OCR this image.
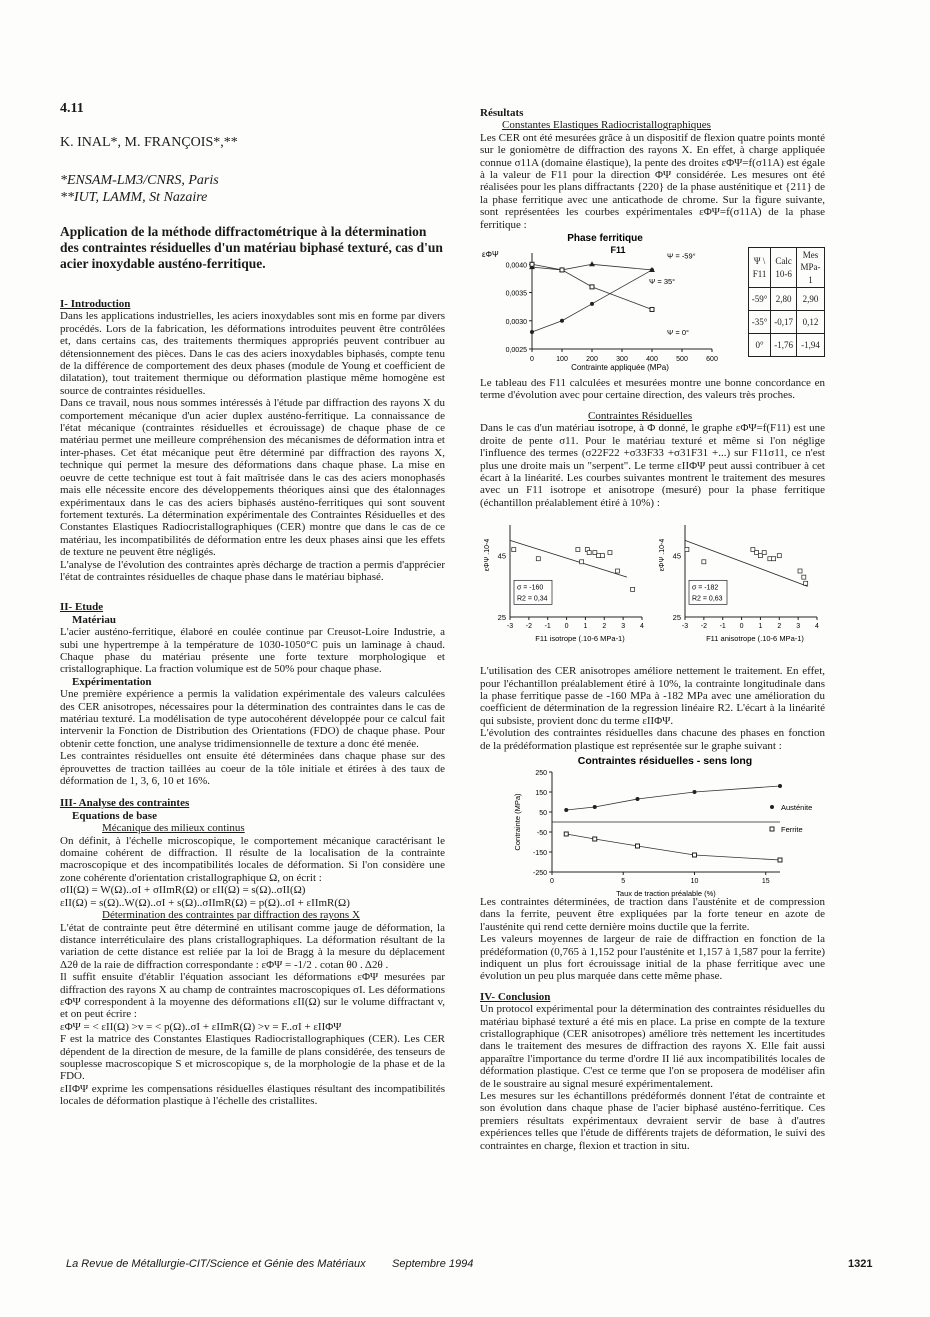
4.11
K. INAL*, M. FRANÇOIS*,**
*ENSAM-LM3/CNRS, Paris
**IUT, LAMM, St Nazaire
Application de la méthode diffractométrique à la détermination des contraintes résiduelles d'un matériau biphasé texturé, cas d'un acier inoxydable austéno-ferritique.
I- Introduction

Dans les applications industrielles, les aciers inoxydables sont mis en forme par divers procédés. Lors de la fabrication, les déformations introduites peuvent être contrôlées et, dans certains cas, des traitements thermiques appropriés peuvent contribuer au détensionnement des pièces. Dans le cas des aciers inoxydables biphasés, compte tenu de la différence de comportement des deux phases (module de Young et coefficient de dilatation), tout traitement thermique ou déformation plastique même homogène est source de contraintes résiduelles.

Dans ce travail, nous nous sommes intéressés à l'étude par diffraction des rayons X du comportement mécanique d'un acier duplex austéno-ferritique. La connaissance de l'état mécanique (contraintes résiduelles et écrouissage) de chaque phase de ce matériau permet une meilleure compréhension des mécanismes de déformation intra et inter-phases. Cet état mécanique peut être déterminé par diffraction des rayons X, technique qui permet la mesure des déformations dans chaque phase. La mise en oeuvre de cette technique est tout à fait maîtrisée dans le cas des aciers monophasés mais elle nécessite encore des développements théoriques ainsi que des étalonnages expérimentaux dans le cas des aciers biphasés austéno-ferritiques qui sont souvent fortement texturés. La détermination expérimentale des Contraintes Résiduelles et des Constantes Elastiques Radiocristallographiques (CER) montre que dans le cas de ce matériau, les incompatibilités de déformation entre les deux phases ainsi que les effets de texture ne peuvent être négligés.

L'analyse de l'évolution des contraintes après décharge de traction a permis d'apprécier l'état de contraintes résiduelles de chaque phase dans le matériau biphasé.

II- Etude
Matériau

L'acier austéno-ferritique, élaboré en coulée continue par Creusot-Loire Industrie, a subi une hypertrempe à la température de 1030-1050°C puis un laminage à chaud. Chaque phase du matériau présente une forte texture morphologique et cristallographique. La fraction volumique est de 50% pour chaque phase.

Expérimentation

Une première expérience a permis la validation expérimentale des valeurs calculées des CER anisotropes, nécessaires pour la détermination des contraintes dans le cas de matériau texturé. La modélisation de type autocohérent développée pour ce calcul fait intervenir la Fonction de Distribution des Orientations (FDO) de chaque phase. Pour obtenir cette fonction, une analyse tridimensionnelle de texture a donc été menée.

Les contraintes résiduelles ont ensuite été déterminées dans chaque phase sur des éprouvettes de traction taillées au coeur de la tôle initiale et étirées à des taux de déformation de 1, 3, 6, 10 et 16%.

III- Analyse des contraintes
Equations de base
Mécanique des milieux continus

On définit, à l'échelle microscopique, le comportement mécanique caractérisant le domaine cohérent de diffraction. Il résulte de la localisation de la contrainte macroscopique et des incompatibilités locales de déformation. Si l'on considère une zone cohérente d'orientation cristallographique Ω, on écrit :

σII(Ω) = W(Ω)..σI + σIImR(Ω) or εII(Ω) = s(Ω)..σII(Ω)

εII(Ω) = s(Ω)..W(Ω)..σI + s(Ω)..σIImR(Ω) = p(Ω)..σI + εIImR(Ω)

Détermination des contraintes par diffraction des rayons X

L'état de contrainte peut être déterminé en utilisant comme jauge de déformation, la distance interréticulaire des plans cristallographiques. La déformation résultant de la variation de cette distance est reliée par la loi de Bragg à la mesure du déplacement Δ2θ de la raie de diffraction correspondante : εΦΨ = -1/2 . cotan θ0 . Δ2θ .

Il suffit ensuite d'établir l'équation associant les déformations εΦΨ mesurées par diffraction des rayons X au champ de contraintes macroscopiques σI. Les déformations εΦΨ correspondent à la moyenne des déformations εII(Ω) sur le volume diffractant v, et on peut écrire :

εΦΨ = < εII(Ω) >v = < p(Ω)..σI + εIImR(Ω) >v = F..σI + εIIΦΨ

F est la matrice des Constantes Elastiques Radiocristallographiques (CER). Les CER dépendent de la direction de mesure, de la famille de plans considérée, des tenseurs de souplesse macroscopique S et microscopique s, de la morphologie de la phase et de la FDO.

εIIΦΨ exprime les compensations résiduelles élastiques résultant des incompatibilités locales de déformation plastique à l'échelle des cristallites.

Résultats
Constantes Elastiques Radiocristallographiques

Les CER ont été mesurées grâce à un dispositif de flexion quatre points monté sur le goniomètre de diffraction des rayons X. En effet, à charge appliquée connue σ11A (domaine élastique), la pente des droites εΦΨ=f(σ11A) est égale à la valeur de F11 pour la direction ΦΨ considérée. Les mesures ont été réalisées pour les plans diffractants {220} de la phase austénitique et {211} de la phase ferritique avec une anticathode de chrome. Sur la figure suivante, sont représentées les courbes expérimentales εΦΨ=f(σ11A) de la phase ferritique :

Phase ferritique
F11
εΦΨ
0	100	200	300	400	500	600
0,0025
0,0030
0,0035
0,0040
Ψ = -59°
Ψ = 35°
Ψ = 0°
Contrainte appliquée (MPa)
Ψ \ F11	Calc 10-6	Mes MPa-1
-59°	2,80	2,90
-35°	-0,17	0,12
0°	-1,76	-1,94

Le tableau des F11 calculées et mesurées montre une bonne concordance en terme d'évolution avec pour certaine direction, des valeurs très proches.

Contraintes Résiduelles

Dans le cas d'un matériau isotrope, à Φ donné, le graphe εΦΨ=f(F11) est une droite de pente σ11. Pour le matériau texturé et même si l'on néglige l'influence des termes (σ22F22 +σ33F33 +σ31F31 +...) sur F11σ11, ce n'est plus une droite mais un "serpent". Le terme εIIΦΨ peut aussi contribuer à cet écart à la linéarité. Les courbes suivantes montrent le traitement des mesures avec un F11 isotrope et anisotrope (mesuré) pour la phase ferritique (échantillon préalablement étiré à 10%) :

-3 -2 -1 0 1 2 3 4
25
45
εΦΨ .10-4
σ = -160
R2 = 0,34
F11 isotrope (.10-6 MPa-1)
-3 -2 -1 0 1 2 3 4
25
45
εΦΨ .10-4
σ = -182
R2 = 0,63
F11 anisotrope (.10-6 MPa-1)

L'utilisation des CER anisotropes améliore nettement le traitement. En effet, pour l'échantillon préalablement étiré à 10%, la contrainte longitudinale dans la phase ferritique passe de -160 MPa à -182 MPa avec une amélioration du coefficient de détermination de la regression linéaire R2. L'écart à la linéarité qui subsiste, provient donc du terme εIIΦΨ.

L'évolution des contraintes résiduelles dans chacune des phases en fonction de la prédéformation plastique est représentée sur le graphe suivant :

Contraintes résiduelles - sens long
250
150
50
-50
-150
-250
0	5	10	15
Contrainte (MPa)
Taux de traction préalable (%)
Austénite
Ferrite

Les contraintes déterminées, de traction dans l'austénite et de compression dans la ferrite, peuvent être expliquées par la forte teneur en azote de l'austénite qui rend cette dernière moins ductile que la ferrite.

Les valeurs moyennes de largeur de raie de diffraction en fonction de la prédéformation (0,765 à 1,152 pour l'austénite et 1,157 à 1,587 pour la ferrite) indiquent un plus fort écrouissage initial de la phase ferritique avec une évolution un peu plus marquée dans cette même phase.

IV- Conclusion

Un protocol expérimental pour la détermination des contraintes résiduelles du matériau biphasé texturé a été mis en place. La prise en compte de la texture cristallographique (CER anisotropes) améliore très nettement les incertitudes dans le traitement des mesures de diffraction des rayons X. Elle fait aussi apparaître l'importance du terme d'ordre II lié aux incompatibilités locales de déformation plastique. C'est ce terme que l'on se proposera de modéliser afin de le soustraire au signal mesuré expérimentalement.

Les mesures sur les échantillons prédéformés donnent l'état de contrainte et son évolution dans chaque phase de l'acier biphasé austéno-ferritique. Ces premiers résultats expérimentaux devraient servir de base à d'autres expériences telles que l'étude de différents trajets de déformation, le suivi des contraintes en charge, flexion et traction in situ.

La Revue de Métallurgie-CIT/Science et Génie des Matériaux Septembre 1994	1321
